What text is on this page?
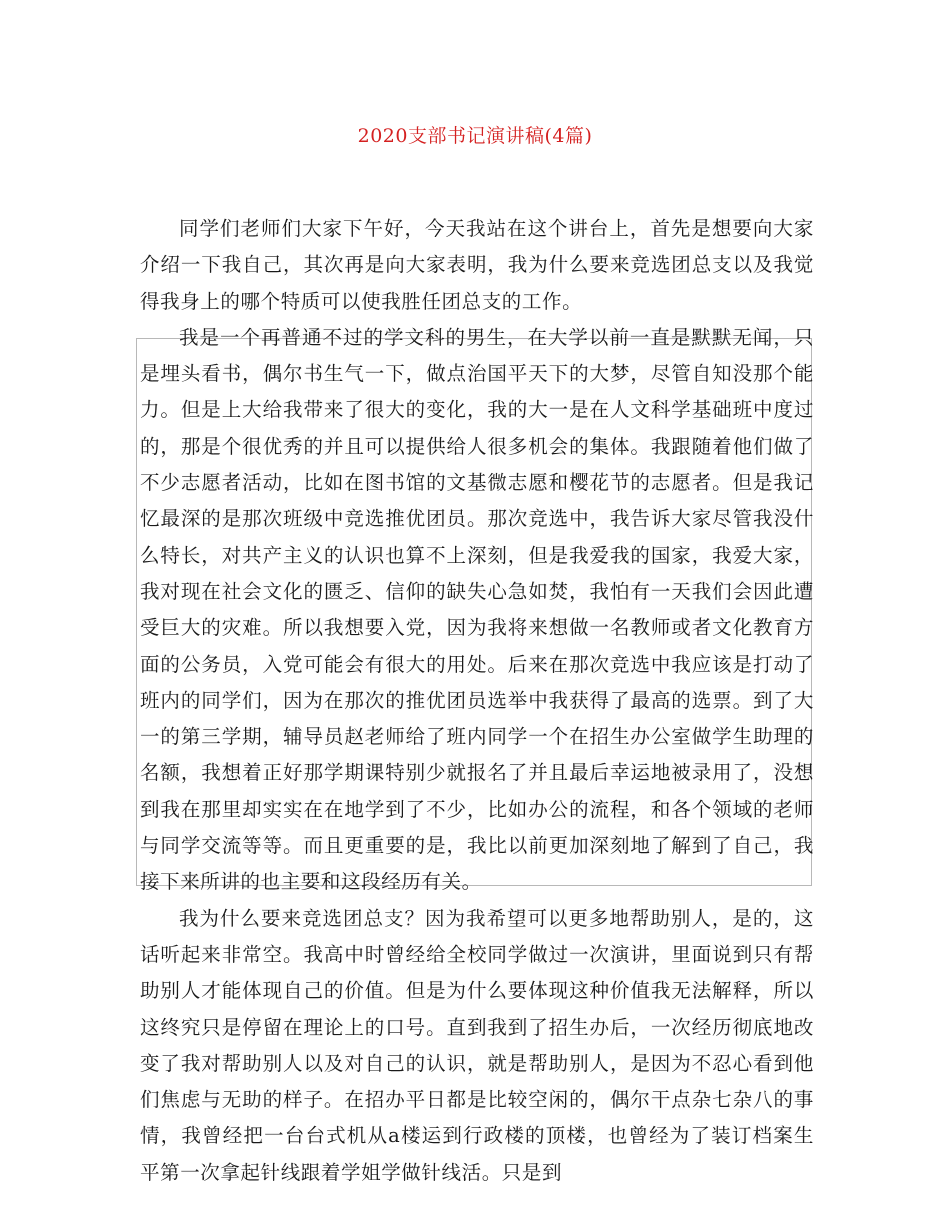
2020支部书记演讲稿(4篇)

同学们老师们大家下午好，今天我站在这个讲台上，首先是想要向大家介绍一下我自己，其次再是向大家表明，我为什么要来竞选团总支以及我觉得我身上的哪个特质可以使我胜任团总支的工作。

我是一个再普通不过的学文科的男生，在大学以前一直是默默无闻，只是埋头看书，偶尔书生气一下，做点治国平天下的大梦，尽管自知没那个能力。但是上大给我带来了很大的变化，我的大一是在人文科学基础班中度过的，那是个很优秀的并且可以提供给人很多机会的集体。我跟随着他们做了不少志愿者活动，比如在图书馆的文基微志愿和樱花节的志愿者。但是我记忆最深的是那次班级中竞选推优团员。那次竞选中，我告诉大家尽管我没什么特长，对共产主义的认识也算不上深刻，但是我爱我的国家，我爱大家，我对现在社会文化的匮乏、信仰的缺失心急如焚，我怕有一天我们会因此遭受巨大的灾难。所以我想要入党，因为我将来想做一名教师或者文化教育方面的公务员，入党可能会有很大的用处。后来在那次竞选中我应该是打动了班内的同学们，因为在那次的推优团员选举中我获得了最高的选票。到了大一的第三学期，辅导员赵老师给了班内同学一个在招生办公室做学生助理的名额，我想着正好那学期课特别少就报名了并且最后幸运地被录用了，没想到我在那里却实实在在地学到了不少，比如办公的流程，和各个领域的老师与同学交流等等。而且更重要的是，我比以前更加深刻地了解到了自己，我接下来所讲的也主要和这段经历有关。

我为什么要来竞选团总支？因为我希望可以更多地帮助别人，是的，这话听起来非常空。我高中时曾经给全校同学做过一次演讲，里面说到只有帮助别人才能体现自己的价值。但是为什么要体现这种价值我无法解释，所以这终究只是停留在理论上的口号。直到我到了招生办后，一次经历彻底地改变了我对帮助别人以及对自己的认识，就是帮助别人，是因为不忍心看到他们焦虑与无助的样子。在招办平日都是比较空闲的，偶尔干点杂七杂八的事情，我曾经把一台台式机从a楼运到行政楼的顶楼，也曾经为了装订档案生平第一次拿起针线跟着学姐学做针线活。只是到
